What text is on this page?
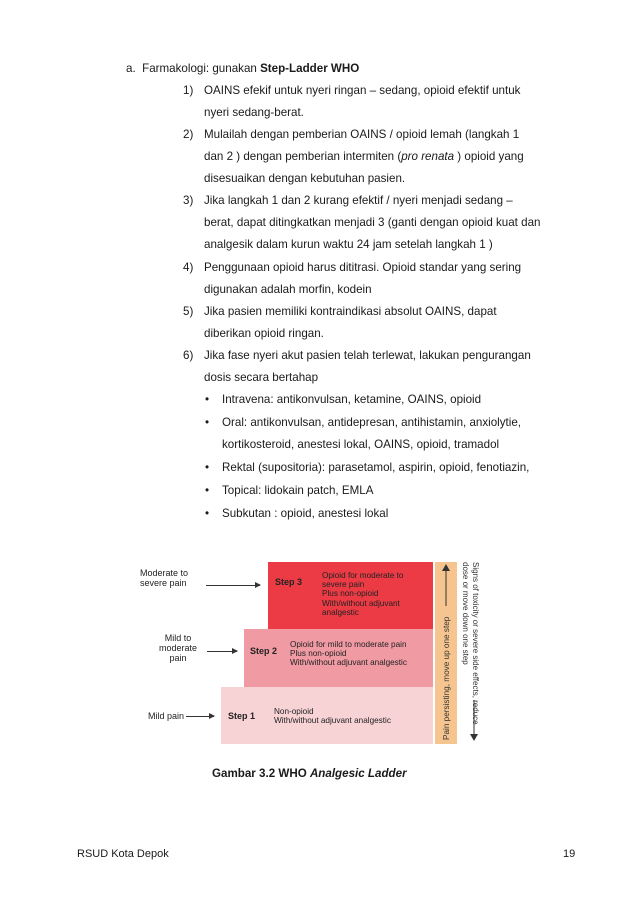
a. Farmakologi: gunakan Step-Ladder WHO
1) OAINS efekif untuk nyeri ringan – sedang, opioid efektif untuk
nyeri sedang-berat.
2) Mulailah dengan pemberian OAINS / opioid lemah (langkah 1
dan 2 ) dengan pemberian intermiten (pro renata ) opioid yang
disesuaikan dengan kebutuhan pasien.
3) Jika langkah 1 dan 2 kurang efektif / nyeri menjadi sedang –
berat, dapat ditingkatkan menjadi 3 (ganti dengan opioid kuat dan
analgesik dalam kurun waktu 24 jam setelah langkah 1 )
4) Penggunaan opioid harus dititrasi. Opioid standar yang sering
digunakan adalah morfin, kodein
5) Jika pasien memiliki kontraindikasi absolut OAINS, dapat
diberikan opioid ringan.
6) Jika fase nyeri akut pasien telah terlewat, lakukan pengurangan
dosis secara bertahap
• Intravena: antikonvulsan, ketamine, OAINS, opioid
• Oral: antikonvulsan, antidepresan, antihistamin, anxiolytie,
kortikosteroid, anestesi lokal, OAINS, opioid, tramadol
• Rektal (supositoria): parasetamol, aspirin, opioid, fenotiazin,
• Topical: lidokain patch, EMLA
• Subkutan : opioid, anestesi lokal
Pain persisting, move up one step	Signs of toxicity or severe side effects, reduce dose or move down one step
Moderate to
severe pain
Mild to
moderate
pain
Mild pain
Step 3
Opioid for moderate to
severe pain
Plus non-opioid
With/without adjuvant
analgestic
Step 2
Opioid for mild to moderate pain
Plus non-opioid
With/without adjuvant analgestic
Step 1 Non-opioid
With/without adjuvant analgestic
Gambar 3.2 WHO Analgesic Ladder
RSUD Kota Depok	19
